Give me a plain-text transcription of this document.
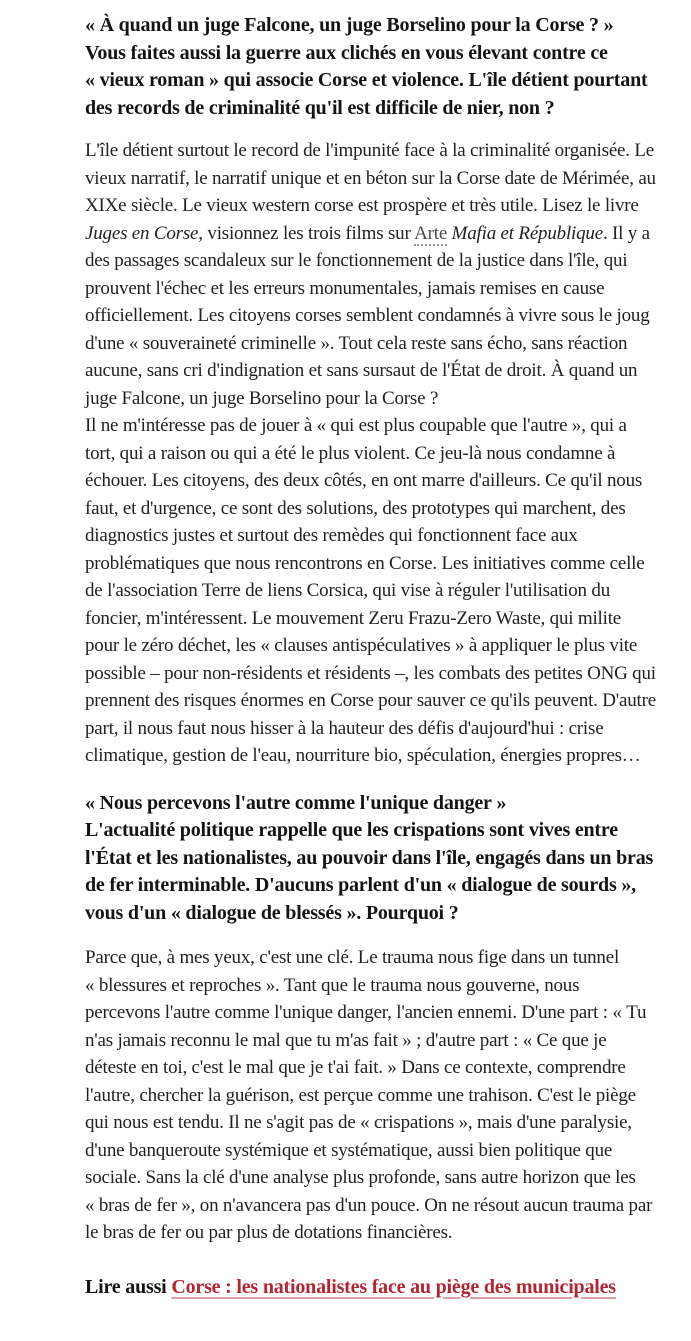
« À quand un juge Falcone, un juge Borselino pour la Corse ? »
Vous faites aussi la guerre aux clichés en vous élevant contre ce « vieux roman » qui associe Corse et violence. L'île détient pourtant des records de criminalité qu'il est difficile de nier, non ?

L'île détient surtout le record de l'impunité face à la criminalité organisée. Le vieux narratif, le narratif unique et en béton sur la Corse date de Mérimée, au XIXe siècle. Le vieux western corse est prospère et très utile. Lisez le livre Juges en Corse, visionnez les trois films sur Arte Mafia et République. Il y a des passages scandaleux sur le fonctionnement de la justice dans l'île, qui prouvent l'échec et les erreurs monumentales, jamais remises en cause officiellement. Les citoyens corses semblent condamnés à vivre sous le joug d'une « souveraineté criminelle ». Tout cela reste sans écho, sans réaction aucune, sans cri d'indignation et sans sursaut de l'État de droit. À quand un juge Falcone, un juge Borselino pour la Corse ?

Il ne m'intéresse pas de jouer à « qui est plus coupable que l'autre », qui a tort, qui a raison ou qui a été le plus violent. Ce jeu-là nous condamne à échouer. Les citoyens, des deux côtés, en ont marre d'ailleurs. Ce qu'il nous faut, et d'urgence, ce sont des solutions, des prototypes qui marchent, des diagnostics justes et surtout des remèdes qui fonctionnent face aux problématiques que nous rencontrons en Corse. Les initiatives comme celle de l'association Terre de liens Corsica, qui vise à réguler l'utilisation du foncier, m'intéressent. Le mouvement Zeru Frazu-Zero Waste, qui milite pour le zéro déchet, les « clauses antispéculatives » à appliquer le plus vite possible – pour non-résidents et résidents –, les combats des petites ONG qui prennent des risques énormes en Corse pour sauver ce qu'ils peuvent. D'autre part, il nous faut nous hisser à la hauteur des défis d'aujourd'hui : crise climatique, gestion de l'eau, nourriture bio, spéculation, énergies propres…

« Nous percevons l'autre comme l'unique danger »
L'actualité politique rappelle que les crispations sont vives entre l'État et les nationalistes, au pouvoir dans l'île, engagés dans un bras de fer interminable. D'aucuns parlent d'un « dialogue de sourds », vous d'un « dialogue de blessés ». Pourquoi ?

Parce que, à mes yeux, c'est une clé. Le trauma nous fige dans un tunnel « blessures et reproches ». Tant que le trauma nous gouverne, nous percevons l'autre comme l'unique danger, l'ancien ennemi. D'une part : « Tu n'as jamais reconnu le mal que tu m'as fait » ; d'autre part : « Ce que je déteste en toi, c'est le mal que je t'ai fait. » Dans ce contexte, comprendre l'autre, chercher la guérison, est perçue comme une trahison. C'est le piège qui nous est tendu. Il ne s'agit pas de « crispations », mais d'une paralysie, d'une banqueroute systémique et systématique, aussi bien politique que sociale. Sans la clé d'une analyse plus profonde, sans autre horizon que les « bras de fer », on n'avancera pas d'un pouce. On ne résout aucun trauma par le bras de fer ou par plus de dotations financières.

Lire aussi Corse : les nationalistes face au piège des municipales
